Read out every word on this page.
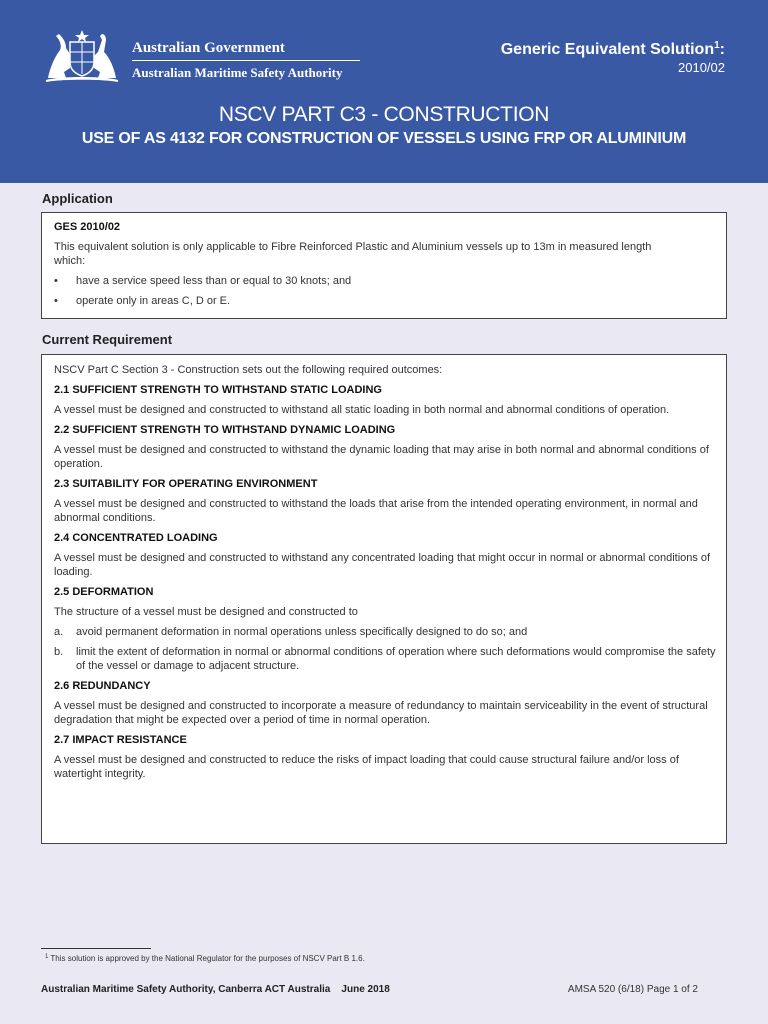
Australian Government
Australian Maritime Safety Authority
Generic Equivalent Solution$^1$:
2010/02
NSCV PART C3 - CONSTRUCTION
USE OF AS 4132 FOR CONSTRUCTION OF VESSELS USING FRP OR ALUMINIUM
Application
GES 2010/02

This equivalent solution is only applicable to Fibre Reinforced Plastic and Aluminium vessels up to 13m in measured length which:

• have a service speed less than or equal to 30 knots; and
• operate only in areas C, D or E.
Current Requirement

NSCV Part C Section 3 - Construction sets out the following required outcomes:

2.1 SUFFICIENT STRENGTH TO WITHSTAND STATIC LOADING

A vessel must be designed and constructed to withstand all static loading in both normal and abnormal conditions of operation.

2.2 SUFFICIENT STRENGTH TO WITHSTAND DYNAMIC LOADING

A vessel must be designed and constructed to withstand the dynamic loading that may arise in both normal and abnormal conditions of operation.

2.3 SUITABILITY FOR OPERATING ENVIRONMENT

A vessel must be designed and constructed to withstand the loads that arise from the intended operating environment, in normal and abnormal conditions.

2.4 CONCENTRATED LOADING

A vessel must be designed and constructed to withstand any concentrated loading that might occur in normal or abnormal conditions of loading.

2.5 DEFORMATION

The structure of a vessel must be designed and constructed to

a. avoid permanent deformation in normal operations unless specifically designed to do so; and
b. limit the extent of deformation in normal or abnormal conditions of operation where such deformations would compromise the safety of the vessel or damage to adjacent structure.
2.6 REDUNDANCY

A vessel must be designed and constructed to incorporate a measure of redundancy to maintain serviceability in the event of structural degradation that might be expected over a period of time in normal operation.

2.7 IMPACT RESISTANCE

A vessel must be designed and constructed to reduce the risks of impact loading that could cause structural failure and/or loss of watertight integrity.

$^1$ This solution is approved by the National Regulator for the purposes of NSCV Part B 1.6.
Australian Maritime Safety Authority, Canberra ACT Australia    June 2018	AMSA 520 (6/18) Page 1 of 2
